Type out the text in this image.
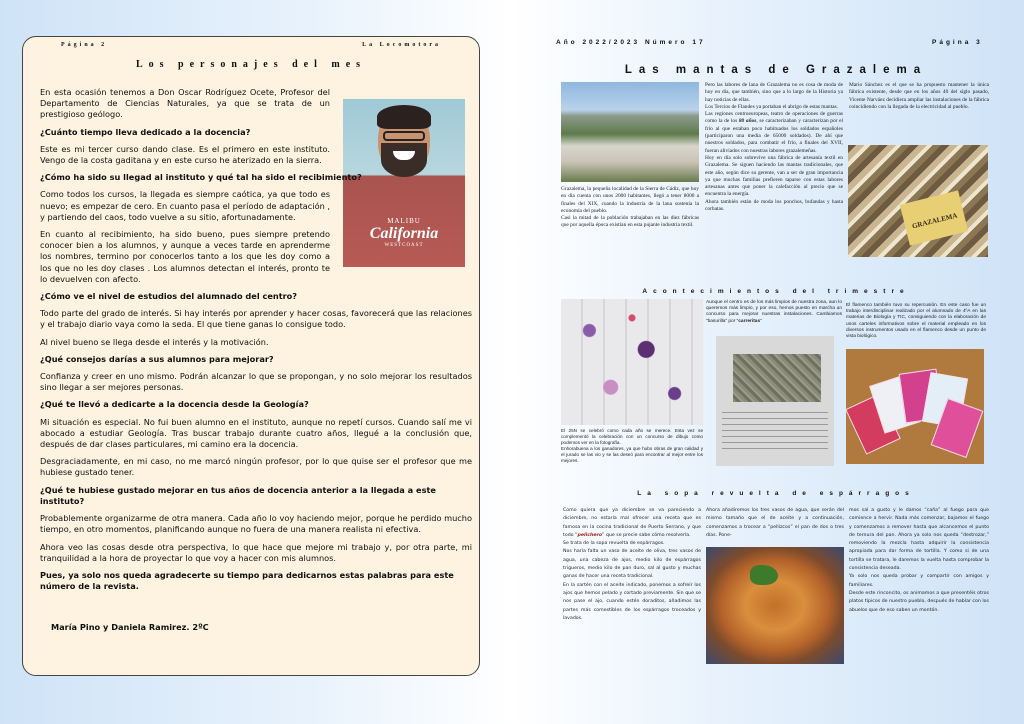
Página 2	La Locomotora
Los personajes del mes
MALIBU
California
WESTCOAST

En esta ocasión tenemos a Don Oscar Rodríguez Ocete, Profesor del Departamento de Ciencias Naturales, ya que se trata de un prestigioso geólogo.

¿Cuánto tiempo lleva dedicado a la docencia?

Este es mi tercer curso dando clase. Es el primero en este instituto. Vengo de la costa gaditana y en este curso he aterizado en la sierra.

¿Cómo ha sido su llegad al instituto y qué tal ha sido el recibimiento?

Como todos los cursos, la llegada es siempre caótica, ya que todo es nuevo; es empezar de cero. En cuanto pasa el período de adaptación , y partiendo del caos, todo vuelve a su sitio, afortunadamente.

En cuanto al recibimiento, ha sido bueno, pues siempre pretendo conocer bien a los alumnos, y aunque a veces tarde en aprenderme los nombres, termino por conocerlos tanto a los que les doy como a los que no les doy clases . Los alumnos detectan el interés, pronto te lo devuelven con afecto.

¿Cómo ve el nivel de estudios del alumnado del centro?

Todo parte del grado de interés. Si hay interés por aprender y hacer cosas, favorecerá que las relaciones y el trabajo diario vaya como la seda. El que tiene ganas lo consigue todo.

Al nivel bueno se llega desde el interés y la motivación.

¿Qué consejos darías a sus alumnos para mejorar?

Confianza y creer en uno mismo. Podrán alcanzar lo que se propongan, y no solo mejorar los resultados sino llegar a ser mejores personas.

¿Qué te llevó a dedicarte a la docencia desde la Geología?

Mi situación es especial. No fui buen alumno en el instituto, aunque no repetí cursos. Cuando salí me vi abocado a estudiar Geología. Tras buscar trabajo durante cuatro años, llegué a la conclusión que, después de dar clases particulares, mi camino era la docencia.

Desgraciadamente, en mi caso, no me marcó ningún profesor, por lo que quise ser el profesor que me hubiese gustado tener.

¿Qué te hubiese gustado mejorar en tus años de docencia anterior a la llegada a este instituto?

Probablemente organizarme de otra manera. Cada año lo voy haciendo mejor, porque he perdido mucho tiempo, en otro momentos, planificando aunque no fuera de una manera realista ni efectiva.

Ahora veo las cosas desde otra perspectiva, lo que hace que mejore mi trabajo y, por otra parte, mi tranquilidad a la hora de proyectar lo que voy a hacer con mis alumnos.

Pues, ya solo nos queda agradecerte su tiempo para dedicarnos estas palabras para este número de la revista.

María Pino y Daniela Ramirez. 2ºC
Año 2022/2023 Número 17	Página 3
Las mantas de Grazalema
Grazalema, la pequeña localidad de la Sierra de Cádiz, que hoy en día cuenta con unos 2000 habitantes, llegó a tener 8000 a finales del XIX, cuando la industria de la lana sostenía la economía del pueblo.
Casi la mitad de la población trabajaban en las diez fábricas que por aquella época existían en esta pujante industria textil.
Pero las labores de lana de Grazalema no es cosa de moda de hoy en día, que también, sino que a lo largo de la Historia ya hay noticias de ellas.
Los Tercios de Flandes ya portaban el abrigo de estas mantas.
Las regiones centroeuropeas, teatro de operaciones de guerras como la de los 80 años, se caracterizaban y caracterizan por el frío al que estaban poco habituados los soldados españoles (participaron una media de 65000 soldados). De ahí que nuestros soldados, para combatir el frío, a finales del XVII, fueran aliviados con nuestras labores grazalemeñas.
Hoy en día solo sobrevive una fábrica de artesanía textil en Grazalema. Se siguen haciendo las mantas tradicionales, que este año, según dice su gerente, van a ser de gran importancia ya que muchas familias prefieren taparse con estas labores artesanas antes que poner la calefacción al precio que se encuentra la energía.
Ahora también están de moda los ponchos, bufandas y hasta corbatas.
Mario Sánchez es el que se ha propuesto mantener la única fábrica existente, desde que en los años 40 del siglo pasado, Vicente Narváez decidiera ampliar las instalaciones de la fábrica coincidiendo con la llegada de la electricidad al pueblo.
GRAZALEMA
Acontecimientos del trimestre
Aunque el centro es de los más limpios de nuestra zona, aun lo queremos más limpio, y por eso, hemos puesto en marcha un concurso para mejorar nuestras instalaciones. Cambiamos “basurilla” por “carreritas”
El flamenco también tuvo su repercusión. En este caso fue un trabajo interdisciplinar realizado por el alumnado de 4ºA en las materias de Biología y TIC, consiguiendo con la elaboración de unos carteles informativos sobre el material empleado en los diversos instrumentos usado en el flamenco desde un punto de vista biológico.
El 25N se celebró como cada año se merece. Esta vez se complementó la celebración con un concurso de dibujo como podemos ver en la fotografía.
Enhorabuena a los ganadores, ya que hubo obras de gran calidad y el jurado se las vio y se las deseó para encontrar al mejor entre los mejores.
La sopa revuelta de espárragos
Como quiera que ya diciembre se va pareciendo a diciembre, no estaría mal ofrecer una receta que es famosa en la cocina tradicional de Puerto Serrano, y que todo “pelichero” que se precie sabe cómo resolverla.
Se trata de la sopa revuelta de espárragos.
Nos haría falta un vaso de aceite de oliva, tres vasos de agua, una cabeza de ajos, medio kilo de espárragos trigueros, medio kilo de pan duro, sal al gusto y muchas ganas de hacer una receta tradicional.
En la sartén con el aceite indicado, ponemos a sofreír los ajos que hemos pelado y cortado previamente. Sin que se nos pase el ajo, cuando estén doraditos, añadimos las partes más comestibles de los espárragos troceados y lavados.
Ahora añadiremos los tres vasos de agua, que serán del mismo tamaño que el de aceite y a continuación, comenzamos a trocear a “pellizcos” el pan de dos o tres días. Pone-
mos sal a gusto y le damos “caña” al fuego para que comience a hervir. Nada más comenzar, bajamos el fuego y comenzamos a remover hasta que alcancemos el punto de ternura del pan. Ahora ya solo nos queda “destrozar,” removiendo la mezcla hasta adquirir la consistencia apropiada para dar forma de tortilla. Y como si de una tortilla se tratara, le daremos la vuelta hasta comprobar la consistencia deseada.
Ya solo nos queda probar y compartir con amigos y familiares.
Desde este rinconcito, os animamos a que presentéis otros platos típicos de nuestro pueblo, después de hablar con los abuelos que de eso saben un montón.
